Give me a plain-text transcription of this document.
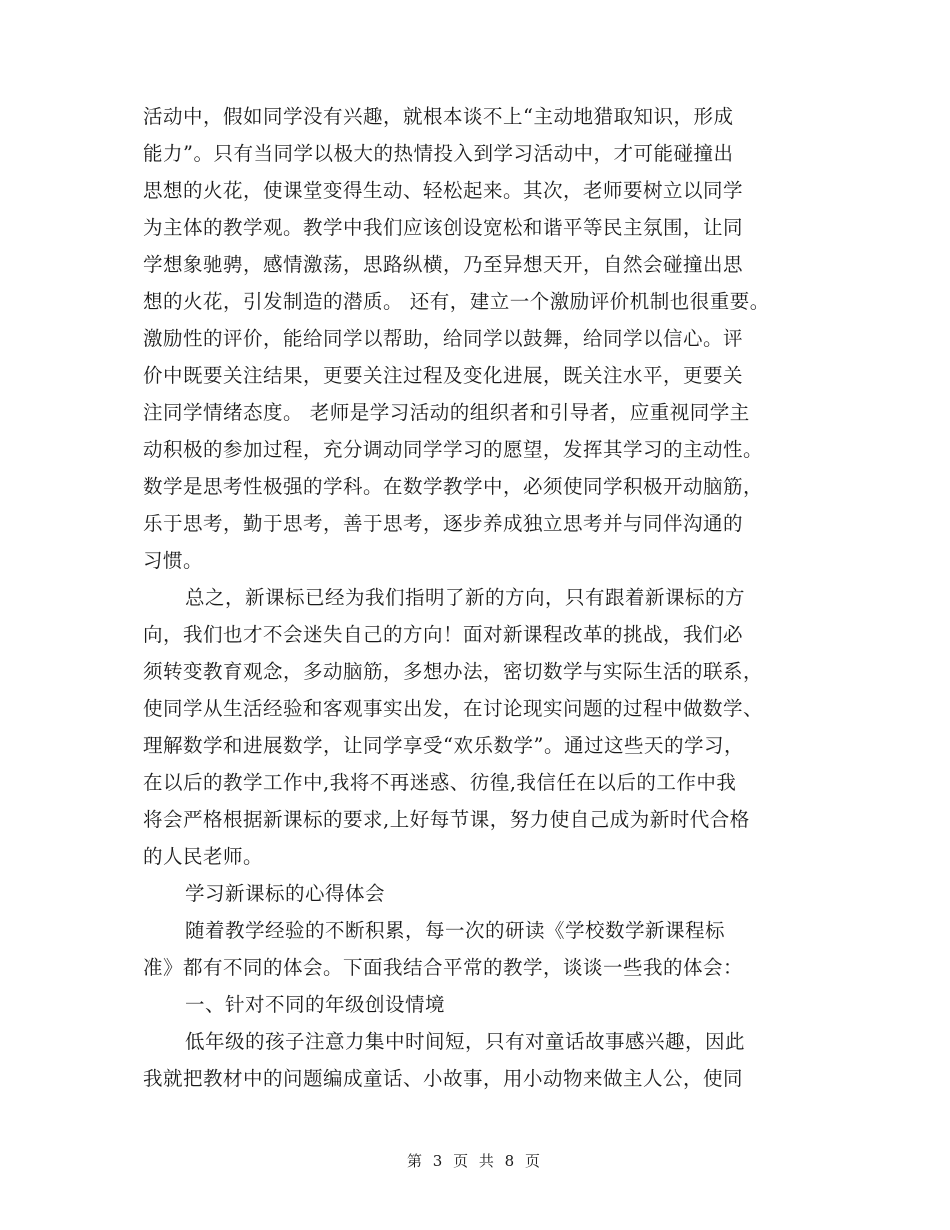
活动中，假如同学没有兴趣，就根本谈不上“主动地猎取知识，形成
能力”。只有当同学以极大的热情投入到学习活动中，才可能碰撞出
思想的火花，使课堂变得生动、轻松起来。其次，老师要树立以同学
为主体的教学观。教学中我们应该创设宽松和谐平等民主氛围，让同
学想象驰骋，感情激荡，思路纵横，乃至异想天开，自然会碰撞出思
想的火花，引发制造的潜质。 还有，建立一个激励评价机制也很重要。
激励性的评价，能给同学以帮助，给同学以鼓舞，给同学以信心。评
价中既要关注结果，更要关注过程及变化进展，既关注水平，更要关
注同学情绪态度。 老师是学习活动的组织者和引导者，应重视同学主
动积极的参加过程，充分调动同学学习的愿望，发挥其学习的主动性。
数学是思考性极强的学科。在数学教学中，必须使同学积极开动脑筋，
乐于思考，勤于思考，善于思考，逐步养成独立思考并与同伴沟通的
习惯。
总之，新课标已经为我们指明了新的方向，只有跟着新课标的方
向，我们也才不会迷失自己的方向！面对新课程改革的挑战，我们必
须转变教育观念，多动脑筋，多想办法，密切数学与实际生活的联系，
使同学从生活经验和客观事实出发，在讨论现实问题的过程中做数学、
理解数学和进展数学，让同学享受“欢乐数学”。通过这些天的学习，
在以后的教学工作中,我将不再迷惑、彷徨,我信任在以后的工作中我
将会严格根据新课标的要求,上好每节课，努力使自己成为新时代合格
的人民老师。
学习新课标的心得体会
随着教学经验的不断积累，每一次的研读《学校数学新课程标
准》都有不同的体会。下面我结合平常的教学，谈谈一些我的体会：
一、针对不同的年级创设情境
低年级的孩子注意力集中时间短，只有对童话故事感兴趣，因此
我就把教材中的问题编成童话、小故事，用小动物来做主人公，使同
第 3 页 共 8 页
